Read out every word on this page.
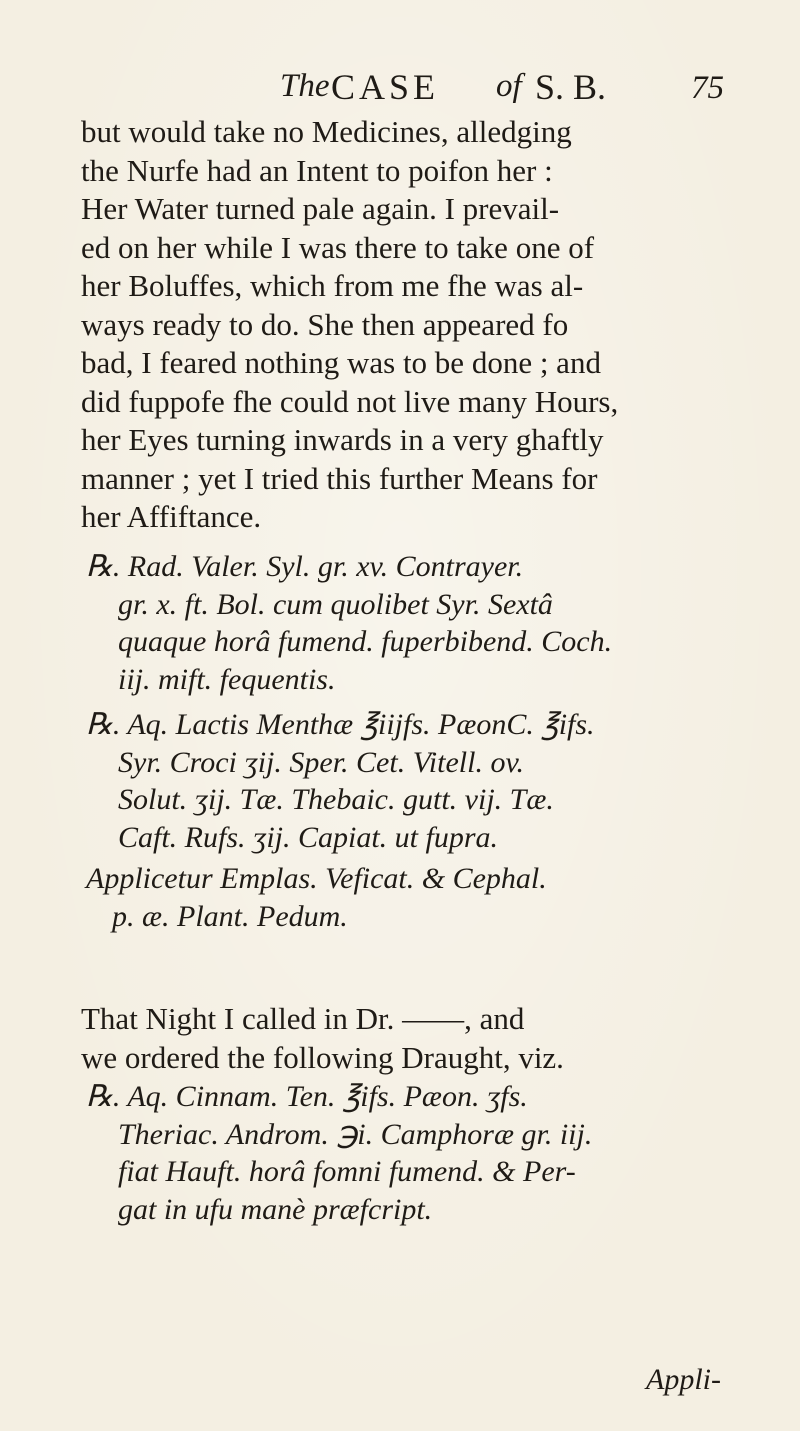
The CASE of S. B.	75
but would take no Medicines, alledging
the Nurfe had an Intent to poifon her :
Her Water turned pale again. I prevail-
ed on her while I was there to take one of
her Boluffes, which from me fhe was al-
ways ready to do. She then appeared fo
bad, I feared nothing was to be done ; and
did fuppofe fhe could not live many Hours,
her Eyes turning inwards in a very ghaftly
manner ; yet I tried this further Means for
her Affiftance.
℞. Rad. Valer. Syl. gr. xv. Contrayer.
gr. x. ft. Bol. cum quolibet Syr. Sextâ
quaque horâ fumend. fuperbibend. Coch.
iij. mift. fequentis.
℞. Aq. Lactis Menthæ ℥iijfs. PæonC. ℥ifs.
Syr. Croci ʒij. Sper. Cet. Vitell. ov.
Solut. ʒij. Tæ. Thebaic. gutt. vij. Tæ.
Caft. Rufs. ʒij. Capiat. ut fupra.
Applicetur Emplas. Veficat. & Cephal.
p. æ. Plant. Pedum.
That Night I called in Dr. ——, and
we ordered the following Draught, viz.
℞. Aq. Cinnam. Ten. ℥ifs. Pæon. ʒfs.
Theriac. Androm. ℈i. Camphoræ gr. iij.
fiat Hauft. horâ fomni fumend. & Per-
gat in ufu manè præfcript.
Appli-
